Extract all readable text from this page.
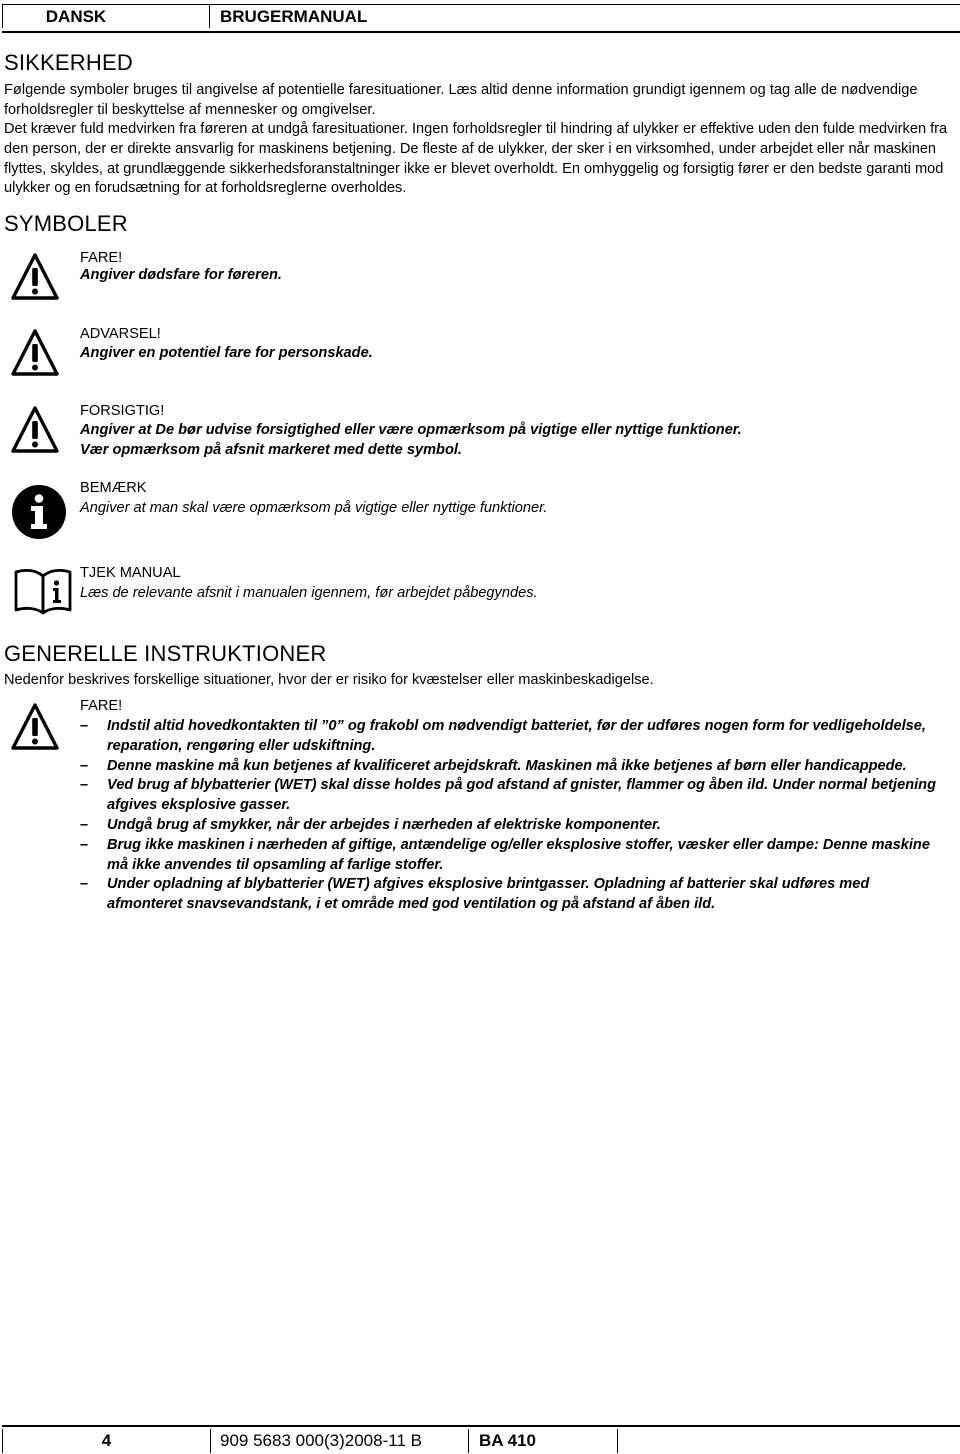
DANSK	BRUGERMANUAL
SIKKERHED

Følgende symboler bruges til angivelse af potentielle faresituationer. Læs altid denne information grundigt igennem og tag alle de nødvendige forholdsregler til beskyttelse af mennesker og omgivelser.

Det kræver fuld medvirken fra føreren at undgå faresituationer. Ingen forholdsregler til hindring af ulykker er effektive uden den fulde medvirken fra den person, der er direkte ansvarlig for maskinens betjening. De fleste af de ulykker, der sker i en virksomhed, under arbejdet eller når maskinen flyttes, skyldes, at grundlæggende sikkerhedsforanstaltninger ikke er blevet overholdt. En omhyggelig og forsigtig fører er den bedste garanti mod ulykker og en forudsætning for at forholdsreglerne overholdes.

SYMBOLER
FARE!
Angiver dødsfare for føreren.
ADVARSEL!
Angiver en potentiel fare for personskade.
FORSIGTIG!
Angiver at De bør udvise forsigtighed eller være opmærksom på vigtige eller nyttige funktioner.
Vær opmærksom på afsnit markeret med dette symbol.
BEMÆRK
Angiver at man skal være opmærksom på vigtige eller nyttige funktioner.
TJEK MANUAL
Læs de relevante afsnit i manualen igennem, før arbejdet påbegyndes.
GENERELLE INSTRUKTIONER

Nedenfor beskrives forskellige situationer, hvor der er risiko for kvæstelser eller maskinbeskadigelse.

FARE!
– Indstil altid hovedkontakten til ”0” og frakobl om nødvendigt batteriet, før der udføres nogen form for vedligeholdelse, reparation, rengøring eller udskiftning.
– Denne maskine må kun betjenes af kvalificeret arbejdskraft. Maskinen må ikke betjenes af børn eller handicappede.
– Ved brug af blybatterier (WET) skal disse holdes på god afstand af gnister, flammer og åben ild. Under normal betjening afgives eksplosive gasser.
– Undgå brug af smykker, når der arbejdes i nærheden af elektriske komponenter.
– Brug ikke maskinen i nærheden af giftige, antændelige og/eller eksplosive stoffer, væsker eller dampe: Denne maskine må ikke anvendes til opsamling af farlige stoffer.
– Under opladning af blybatterier (WET) afgives eksplosive brintgasser. Opladning af batterier skal udføres med afmonteret snavsevandstank, i et område med god ventilation og på afstand af åben ild.
4	909 5683 000(3)2008-11 B	BA 410
